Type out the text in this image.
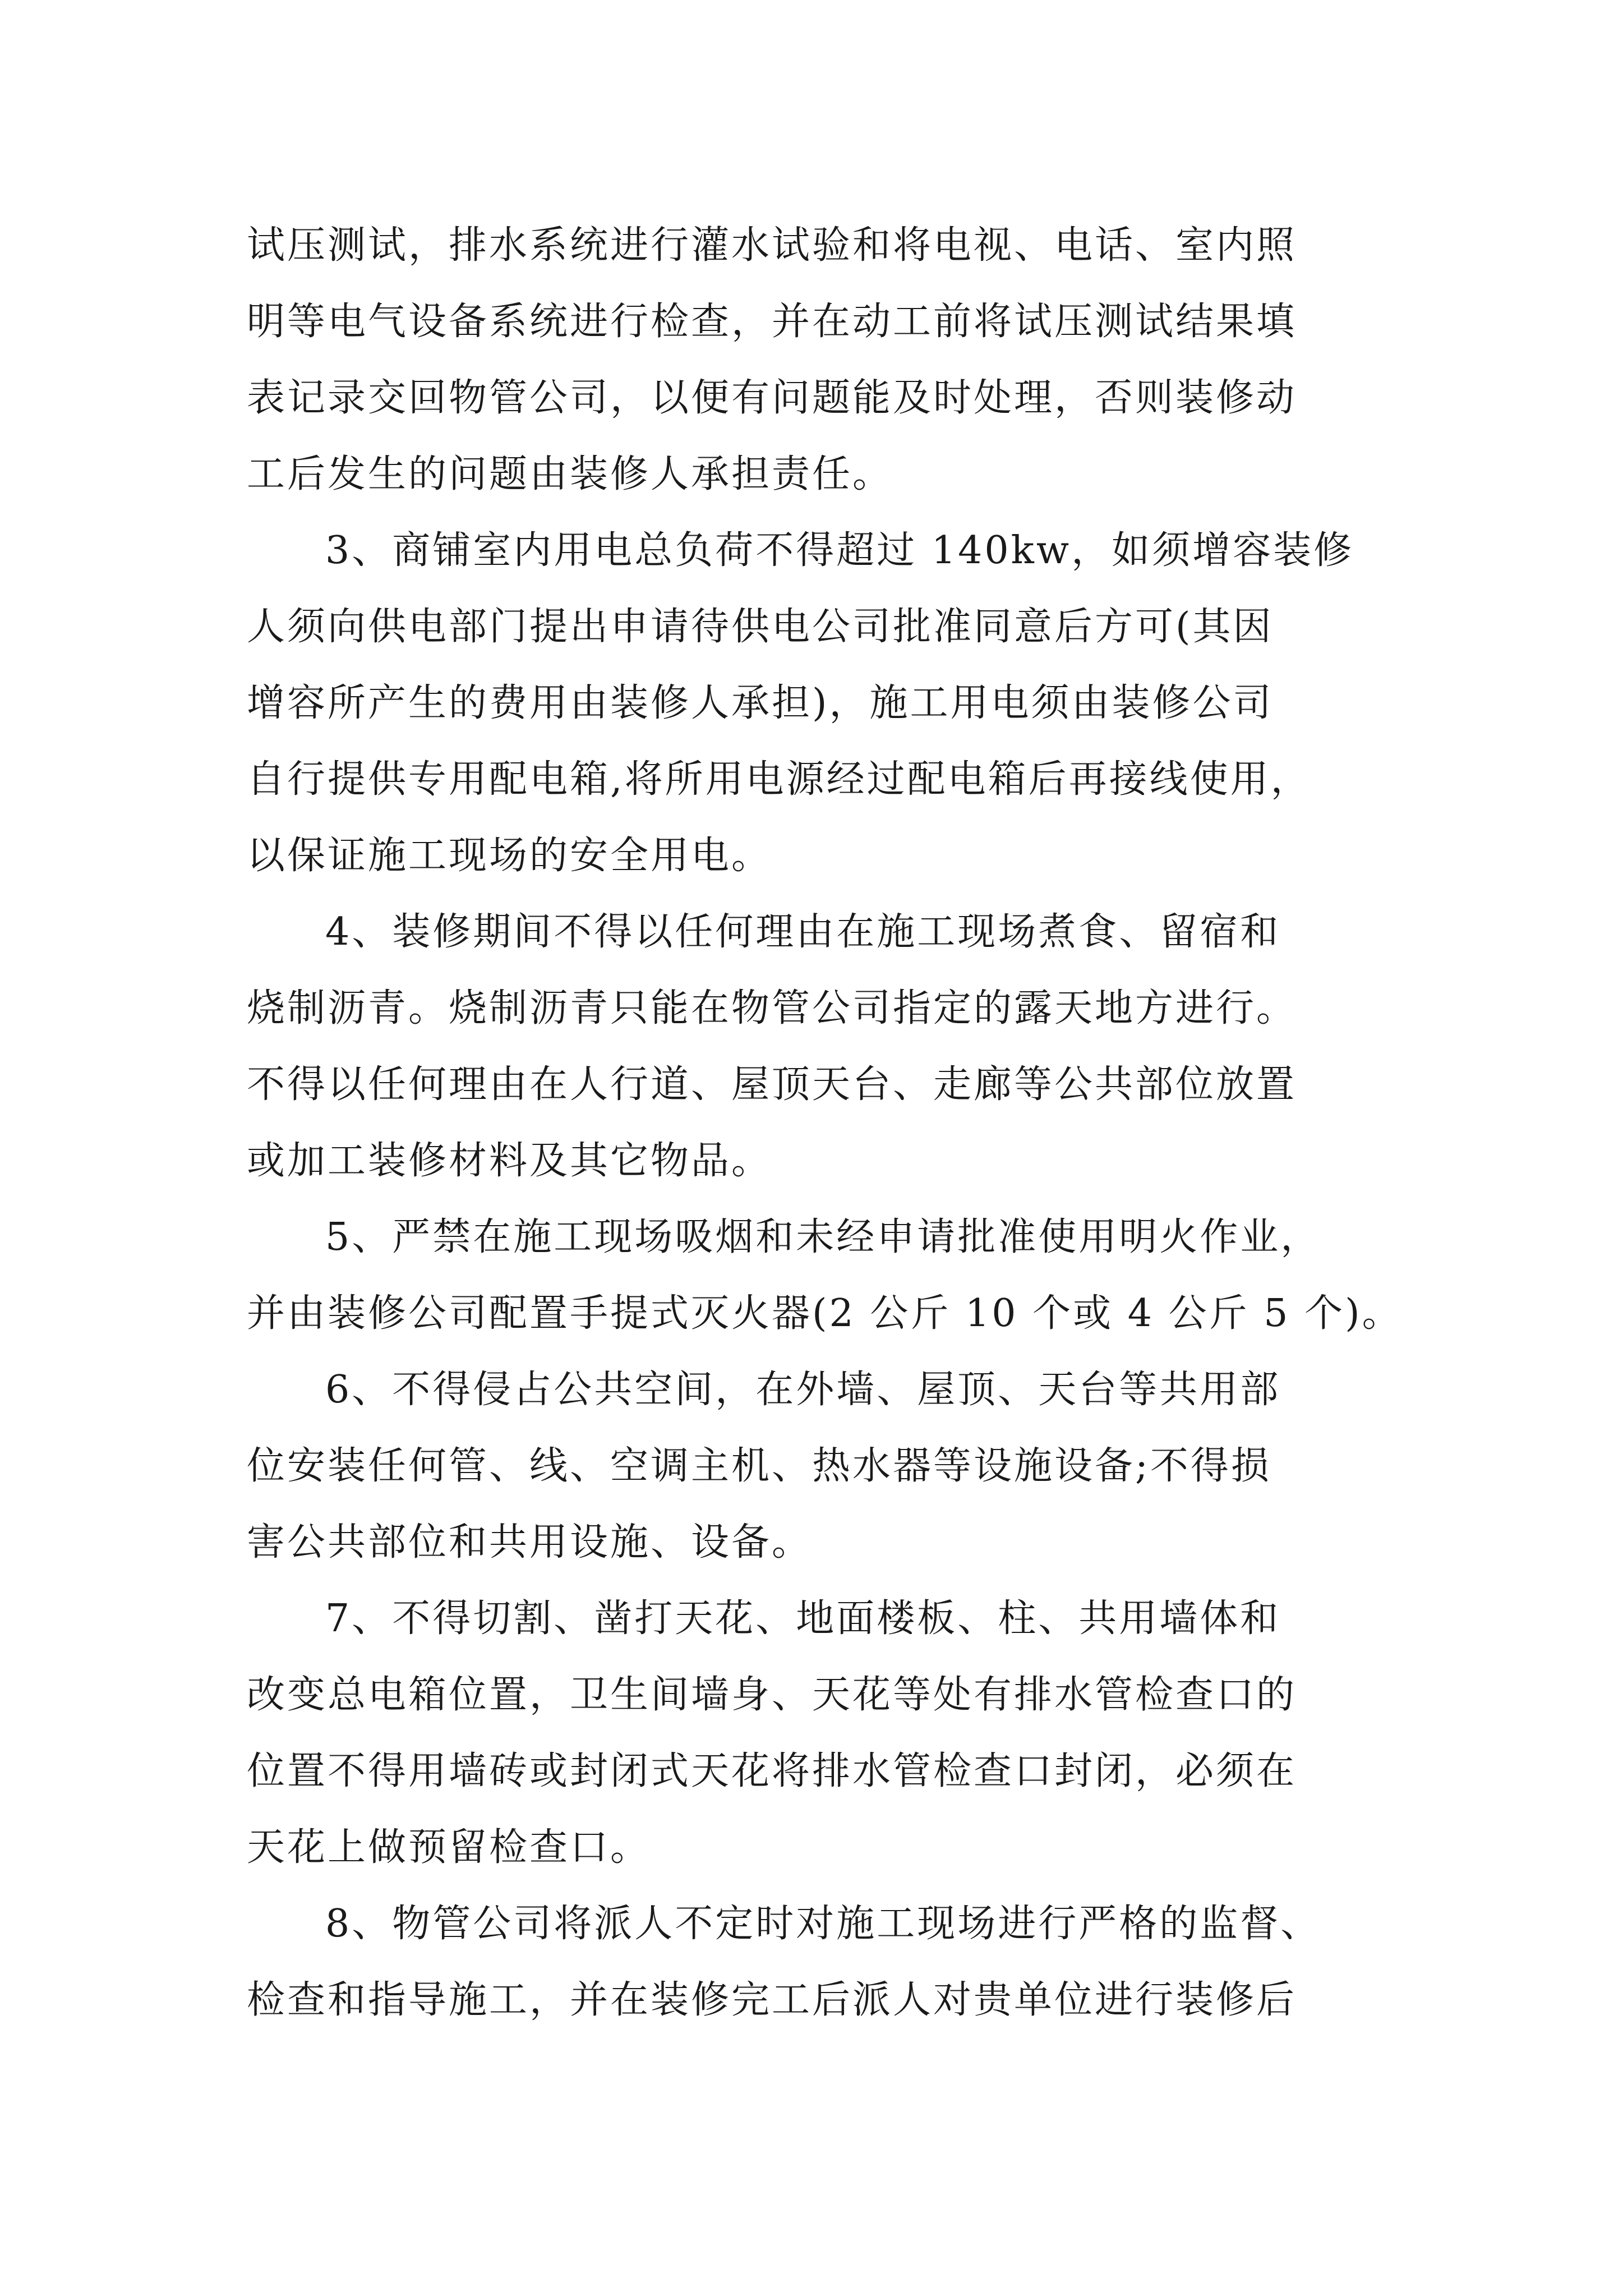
试压测试，排水系统进行灌水试验和将电视、电话、室内照
明等电气设备系统进行检查，并在动工前将试压测试结果填
表记录交回物管公司，以便有问题能及时处理，否则装修动
工后发生的问题由装修人承担责任。
3、商铺室内用电总负荷不得超过 140kw，如须增容装修
人须向供电部门提出申请待供电公司批准同意后方可(其因
增容所产生的费用由装修人承担)，施工用电须由装修公司
自行提供专用配电箱,将所用电源经过配电箱后再接线使用，
以保证施工现场的安全用电。
4、装修期间不得以任何理由在施工现场煮食、留宿和
烧制沥青。烧制沥青只能在物管公司指定的露天地方进行。
不得以任何理由在人行道、屋顶天台、走廊等公共部位放置
或加工装修材料及其它物品。
5、严禁在施工现场吸烟和未经申请批准使用明火作业，
并由装修公司配置手提式灭火器(2 公斤 10 个或 4 公斤 5 个)。
6、不得侵占公共空间，在外墙、屋顶、天台等共用部
位安装任何管、线、空调主机、热水器等设施设备;不得损
害公共部位和共用设施、设备。
7、不得切割、凿打天花、地面楼板、柱、共用墙体和
改变总电箱位置，卫生间墙身、天花等处有排水管检查口的
位置不得用墙砖或封闭式天花将排水管检查口封闭，必须在
天花上做预留检查口。
8、物管公司将派人不定时对施工现场进行严格的监督、
检查和指导施工，并在装修完工后派人对贵单位进行装修后
